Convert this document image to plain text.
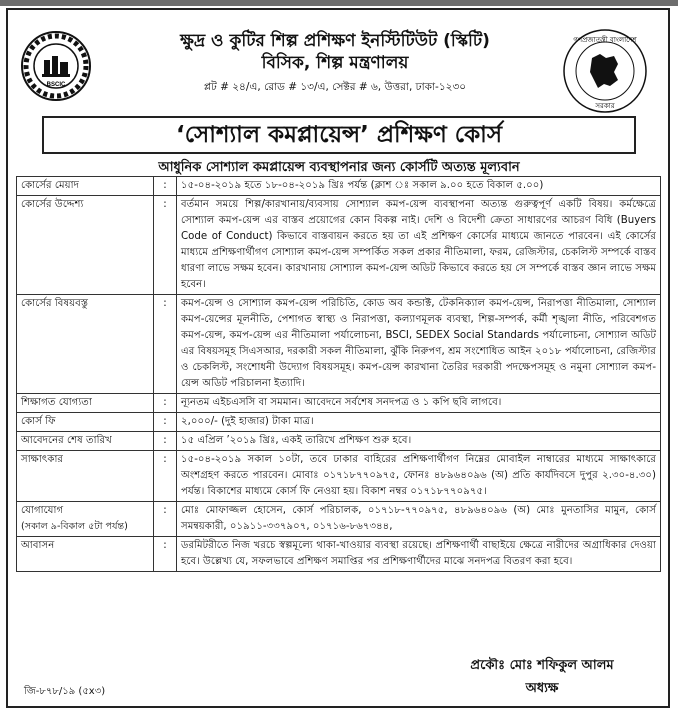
BSCIC
গণপ্রজাতন্ত্রী বাংলাদেশ
সরকার
ক্ষুদ্র ও কুটির শিল্প প্রশিক্ষণ ইনস্টিটিউট (স্কিটি)
বিসিক, শিল্প মন্ত্রণালয়
প্লট # ২৪/এ, রোড # ১৩/এ, সেক্টর # ৬, উত্তরা, ঢাকা-১২৩০
‘সোশ্যাল কমপ্লায়েন্স’ প্রশিক্ষণ কোর্স
আধুনিক সোশ্যাল কমপ্লায়েন্স ব্যবস্থাপনার জন্য কোর্সটি অত্যন্ত মূল্যবান
কোর্সের মেয়াদ	:	১৫-০৪-২০১৯ হতে ১৮-০৪-২০১৯ খ্রিঃ পর্যন্ত (ক্লাশ ঃ সকাল ৯.০০ হতে বিকাল ৫.০০)
কোর্সের উদ্দেশ্য	:	বর্তমান সময়ে শিল্প/কারখানায়/ব্যবসায় সোশ্যাল কমপ-য়েন্স ব্যবস্থাপনা অত্যন্ত গুরুত্বপূর্ণ একটি বিষয়। কর্মক্ষেত্রে সোশ্যাল কমপ-য়েন্স এর বাস্তব প্রয়োগের কোন বিকল্প নাই। দেশি ও বিদেশী ক্রেতা সাধারণের আচরণ বিধি (Buyers Code of Conduct) কিভাবে বাস্তবায়ন করতে হয় তা এই প্রশিক্ষণ কোর্সের মাধ্যমে জানতে পারবেন। এই কোর্সের মাধ্যমে প্রশিক্ষণার্থীগণ সোশ্যাল কমপ-য়েন্স সম্পর্কিত সকল প্রকার নীতিমালা, ফরম, রেজিস্টার, চেকলিস্ট সম্পর্কে বাস্তব ধারণা লাভে সক্ষম হবেন। কারখানায় সোশ্যাল কমপ-য়েন্স অডিট কিভাবে করতে হয় সে সম্পর্কে বাস্তব জ্ঞান লাভে সক্ষম হবেন।
কোর্সের বিষয়বস্তু	:	কমপ-য়েন্স ও সোশ্যাল কমপ-য়েন্স পরিচিতি, কোড অব কন্ডাক্ট, টেকনিক্যাল কমপ-য়েন্স, নিরাপত্তা নীতিমালা, সোশ্যাল কমপ-য়েন্সের মূলনীতি, পেশাগত স্বাস্থ্য ও নিরাপত্তা, কল্যাণমূলক ব্যবস্থা, শিল্প-সম্পর্ক, কর্মী শৃঙ্খলা নীতি, পরিবেশগত কমপ-য়েন্স, কমপ-য়েন্স এর নীতিমালা পর্যালোচনা, BSCI, SEDEX Social Standards পর্যালোচনা, সোশ্যাল অডিট এর বিষয়সমূহ সিএসআর, দরকারী সকল নীতিমালা, ঝুঁকি নিরুপণ, শ্রম সংশোধিত আইন ২০১৮ পর্যালোচনা, রেজিস্টার ও চেকলিস্ট, সংশোধনী উদ্যোগ বিষয়সমূহ। কমপ-য়েন্স কারখানা তৈরির দরকারী পদক্ষেপসমূহ ও নমুনা সোশ্যাল কমপ-য়েন্স অডিট পরিচালনা ইত্যাদি।
শিক্ষাগত যোগ্যতা	:	ন্যূনতম এইচএসসি বা সমমান। আবেদনে সর্বশেষ সনদপত্র ও ১ কপি ছবি লাগবে।
কোর্স ফি	:	২,০০০/- (দুই হাজার) টাকা মাত্র।
আবেদনের শেষ তারিখ	:	১৫ এপ্রিল ’২০১৯ খ্রিঃ, একই তারিখে প্রশিক্ষণ শুরু হবে।
সাক্ষাৎকার	:	১৫-০৪-২০১৯ সকাল ১০টা, তবে ঢাকার বাহিরের প্রশিক্ষণার্থীগণ নিম্নের মোবাইল নাম্বারের মাধ্যমে সাক্ষাৎকারে অংশগ্রহণ করতে পারবেন। মোবাঃ ০১৭১৮৭৭০৯৭৫, ফোনঃ ৪৮৯৬৪০৯৬ (অ) প্রতি কার্যদিবসে দুপুর ২.৩০-৪.৩০) পর্যন্ত। বিকাশের মাধ্যমে কোর্স ফি নেওয়া হয়। বিকাশ নম্বর ০১৭১৮৭৭০৯৭৫।

যোগাযোগ
(সকাল ৯-বিকাল ৫টা পর্যন্ত)	:	মোঃ মোফাজ্জল হোসেন, কোর্স পরিচালক, ০১৭১৮-৭৭০৯৭৫, ৪৮৯৬৪০৯৬ (অ) মোঃ মুনতাসির মামুন, কোর্স সমন্বয়কারী, ০১৯১১-৩৩৭৯০৭, ০১৭১৬-৮৬৭৩৪৪,
আবাসন	:	ডরমিটরীতে নিজ খরচে স্বল্পমূল্যে থাকা-খাওয়ার ব্যবস্থা রয়েছে। প্রশিক্ষণার্থী বাছাইয়ে ক্ষেত্রে নারীদের অগ্রাধিকার দেওয়া হবে। উল্লেখ্য যে, সফলভাবে প্রশিক্ষণ সমাপ্তির পর প্রশিক্ষণার্থীদের মাঝে সনদপত্র বিতরণ করা হবে।
প্রকৌঃ মোঃ শফিকুল আলম
অধ্যক্ষ
জি-৮৭৮/১৯ (৫x৩)
